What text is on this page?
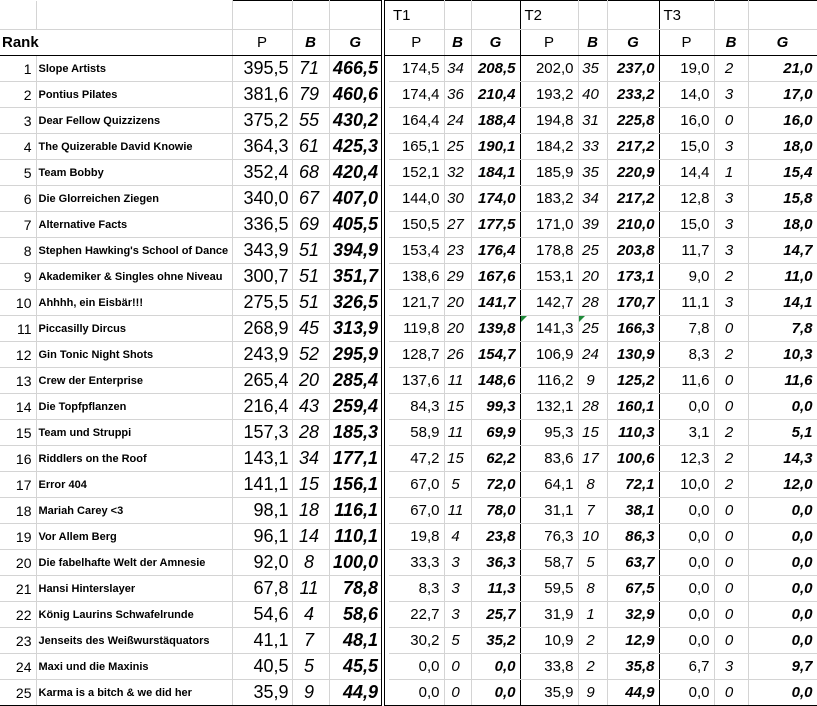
						T1			T2			T3		
Rank		P	B	G		P	B	G	P	B	G	P	B	G
1	Slope Artists	395,5	71	466,5		174,5	34	208,5	202,0	35	237,0	19,0	2	21,0
2	Pontius Pilates	381,6	79	460,6		174,4	36	210,4	193,2	40	233,2	14,0	3	17,0
3	Dear Fellow Quizzizens	375,2	55	430,2		164,4	24	188,4	194,8	31	225,8	16,0	0	16,0
4	The Quizerable David Knowie	364,3	61	425,3		165,1	25	190,1	184,2	33	217,2	15,0	3	18,0
5	Team Bobby	352,4	68	420,4		152,1	32	184,1	185,9	35	220,9	14,4	1	15,4
6	Die Glorreichen Ziegen	340,0	67	407,0		144,0	30	174,0	183,2	34	217,2	12,8	3	15,8
7	Alternative Facts	336,5	69	405,5		150,5	27	177,5	171,0	39	210,0	15,0	3	18,0
8	Stephen Hawking's School of Dance	343,9	51	394,9		153,4	23	176,4	178,8	25	203,8	11,7	3	14,7
9	Akademiker & Singles ohne Niveau	300,7	51	351,7		138,6	29	167,6	153,1	20	173,1	9,0	2	11,0
10	Ahhhh, ein Eisbär!!!	275,5	51	326,5		121,7	20	141,7	142,7	28	170,7	11,1	3	14,1
11	Piccasilly Dircus	268,9	45	313,9		119,8	20	139,8	141,3	25	166,3	7,8	0	7,8
12	Gin Tonic Night Shots	243,9	52	295,9		128,7	26	154,7	106,9	24	130,9	8,3	2	10,3
13	Crew der Enterprise	265,4	20	285,4		137,6	11	148,6	116,2	9	125,2	11,6	0	11,6
14	Die Topfpflanzen	216,4	43	259,4		84,3	15	99,3	132,1	28	160,1	0,0	0	0,0
15	Team und Struppi	157,3	28	185,3		58,9	11	69,9	95,3	15	110,3	3,1	2	5,1
16	Riddlers on the Roof	143,1	34	177,1		47,2	15	62,2	83,6	17	100,6	12,3	2	14,3
17	Error 404	141,1	15	156,1		67,0	5	72,0	64,1	8	72,1	10,0	2	12,0
18	Mariah Carey <3	98,1	18	116,1		67,0	11	78,0	31,1	7	38,1	0,0	0	0,0
19	Vor Allem Berg	96,1	14	110,1		19,8	4	23,8	76,3	10	86,3	0,0	0	0,0
20	Die fabelhafte Welt der Amnesie	92,0	8	100,0		33,3	3	36,3	58,7	5	63,7	0,0	0	0,0
21	Hansi Hinterslayer	67,8	11	78,8		8,3	3	11,3	59,5	8	67,5	0,0	0	0,0
22	König Laurins Schwafelrunde	54,6	4	58,6		22,7	3	25,7	31,9	1	32,9	0,0	0	0,0
23	Jenseits des Weißwurstäquators	41,1	7	48,1		30,2	5	35,2	10,9	2	12,9	0,0	0	0,0
24	Maxi und die Maxinis	40,5	5	45,5		0,0	0	0,0	33,8	2	35,8	6,7	3	9,7
25	Karma is a bitch & we did her	35,9	9	44,9		0,0	0	0,0	35,9	9	44,9	0,0	0	0,0
